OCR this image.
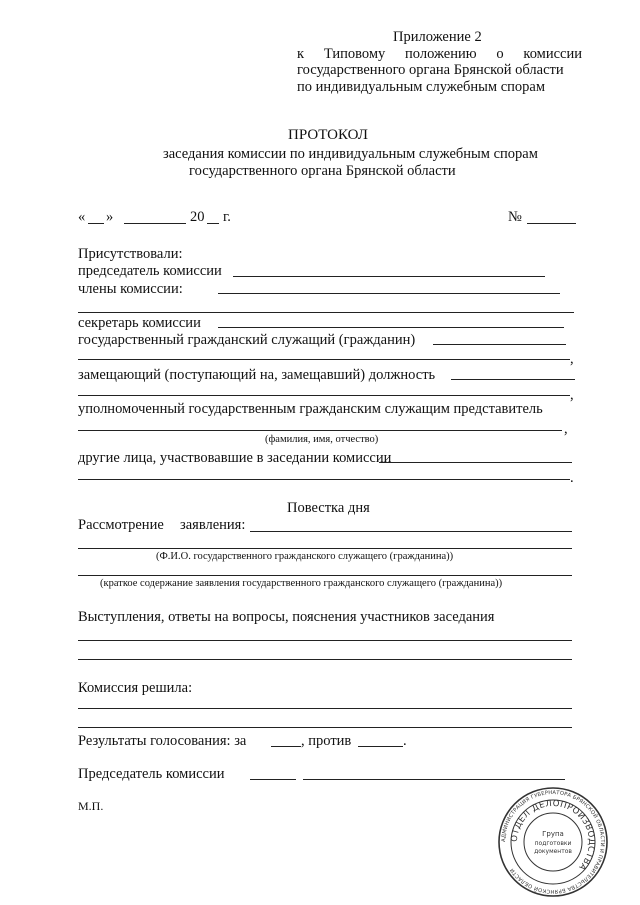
Приложение 2
к Типовому положению о комиссии
государственного органа Брянской области
по индивидуальным служебным спорам
ПРОТОКОЛ
заседания комиссии по индивидуальным служебным спорам
государственного органа Брянской области
« »	20 г.	№
Присутствовали:
председатель комиссии
члены комиссии:
секретарь комиссии
государственный гражданский служащий (гражданин)
,
замещающий (поступающий на, замещавший) должность
,
уполномоченный государственным гражданским служащим представитель
,
(фамилия, имя, отчество)
другие лица, участвовавшие в заседании комиссии
.
Повестка дня
Рассмотрение заявления:
(Ф.И.О. государственного гражданского служащего (гражданина))
(краткое содержание заявления государственного гражданского служащего (гражданина))
Выступления, ответы на вопросы, пояснения участников заседания
Комиссия решила:
Результаты голосования: за	, против	.
Председатель комиссии
М.П.
АДМИНИСТРАЦИЯ ГУБЕРНАТОРА БРЯНСКОЙ ОБЛАСТИ И ПРАВИТЕЛЬСТВА БРЯНСКОЙ ОБЛАСТИ
ОТДЕЛ ДЕЛОПРОИЗВОДСТВА
Група
подготовки
документов
